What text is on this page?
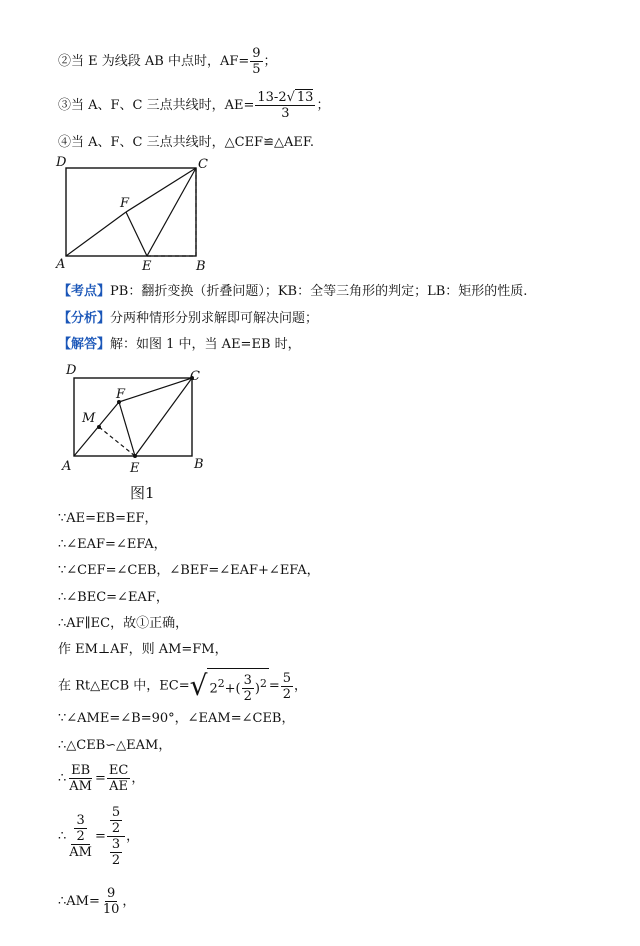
②当 E 为线段 AB 中点时，$AF= \frac{9}{5}$ ；
③当 A、F、C 三点共线时，$AE= \frac{13-2√ 13}{3}$ ；
④当 A、F、C 三点共线时，△CEF≌△AEF.
D	C
F
A	E	B
【考点】PB：翻折变换（折叠问题）；KB：全等三角形的判定；LB：矩形的性质.
【分析】分两种情形分别求解即可解决问题；
【解答】解：如图 1 中，当 AE=EB 时，
D	C
F
M
A	E	B
图1
∵AE=EB=EF，
∴∠EAF=∠EFA，
∵∠CEF=∠CEB，∠BEF=∠EAF+∠EFA，
∴∠BEC=∠EAF，
∴AF∥EC，故①正确，
作 EM⊥AF，则 AM=FM，
在 Rt△ECB 中，EC=√ $2^2+( \frac{3}{2} )^2 = \frac{5}{2}$ ，
∵∠AME=∠B=90°，∠EAM=∠CEB，
∴△CEB∽△EAM，
∴ $\frac{EB}{AM} = \frac{EC}{AE}$ ，
∴ $\frac{\frac{3}{2}}{AM} = \frac{\frac{5}{2}}{\frac{3}{2}}$ ，
∴AM= $\frac{9}{10}$ ，
